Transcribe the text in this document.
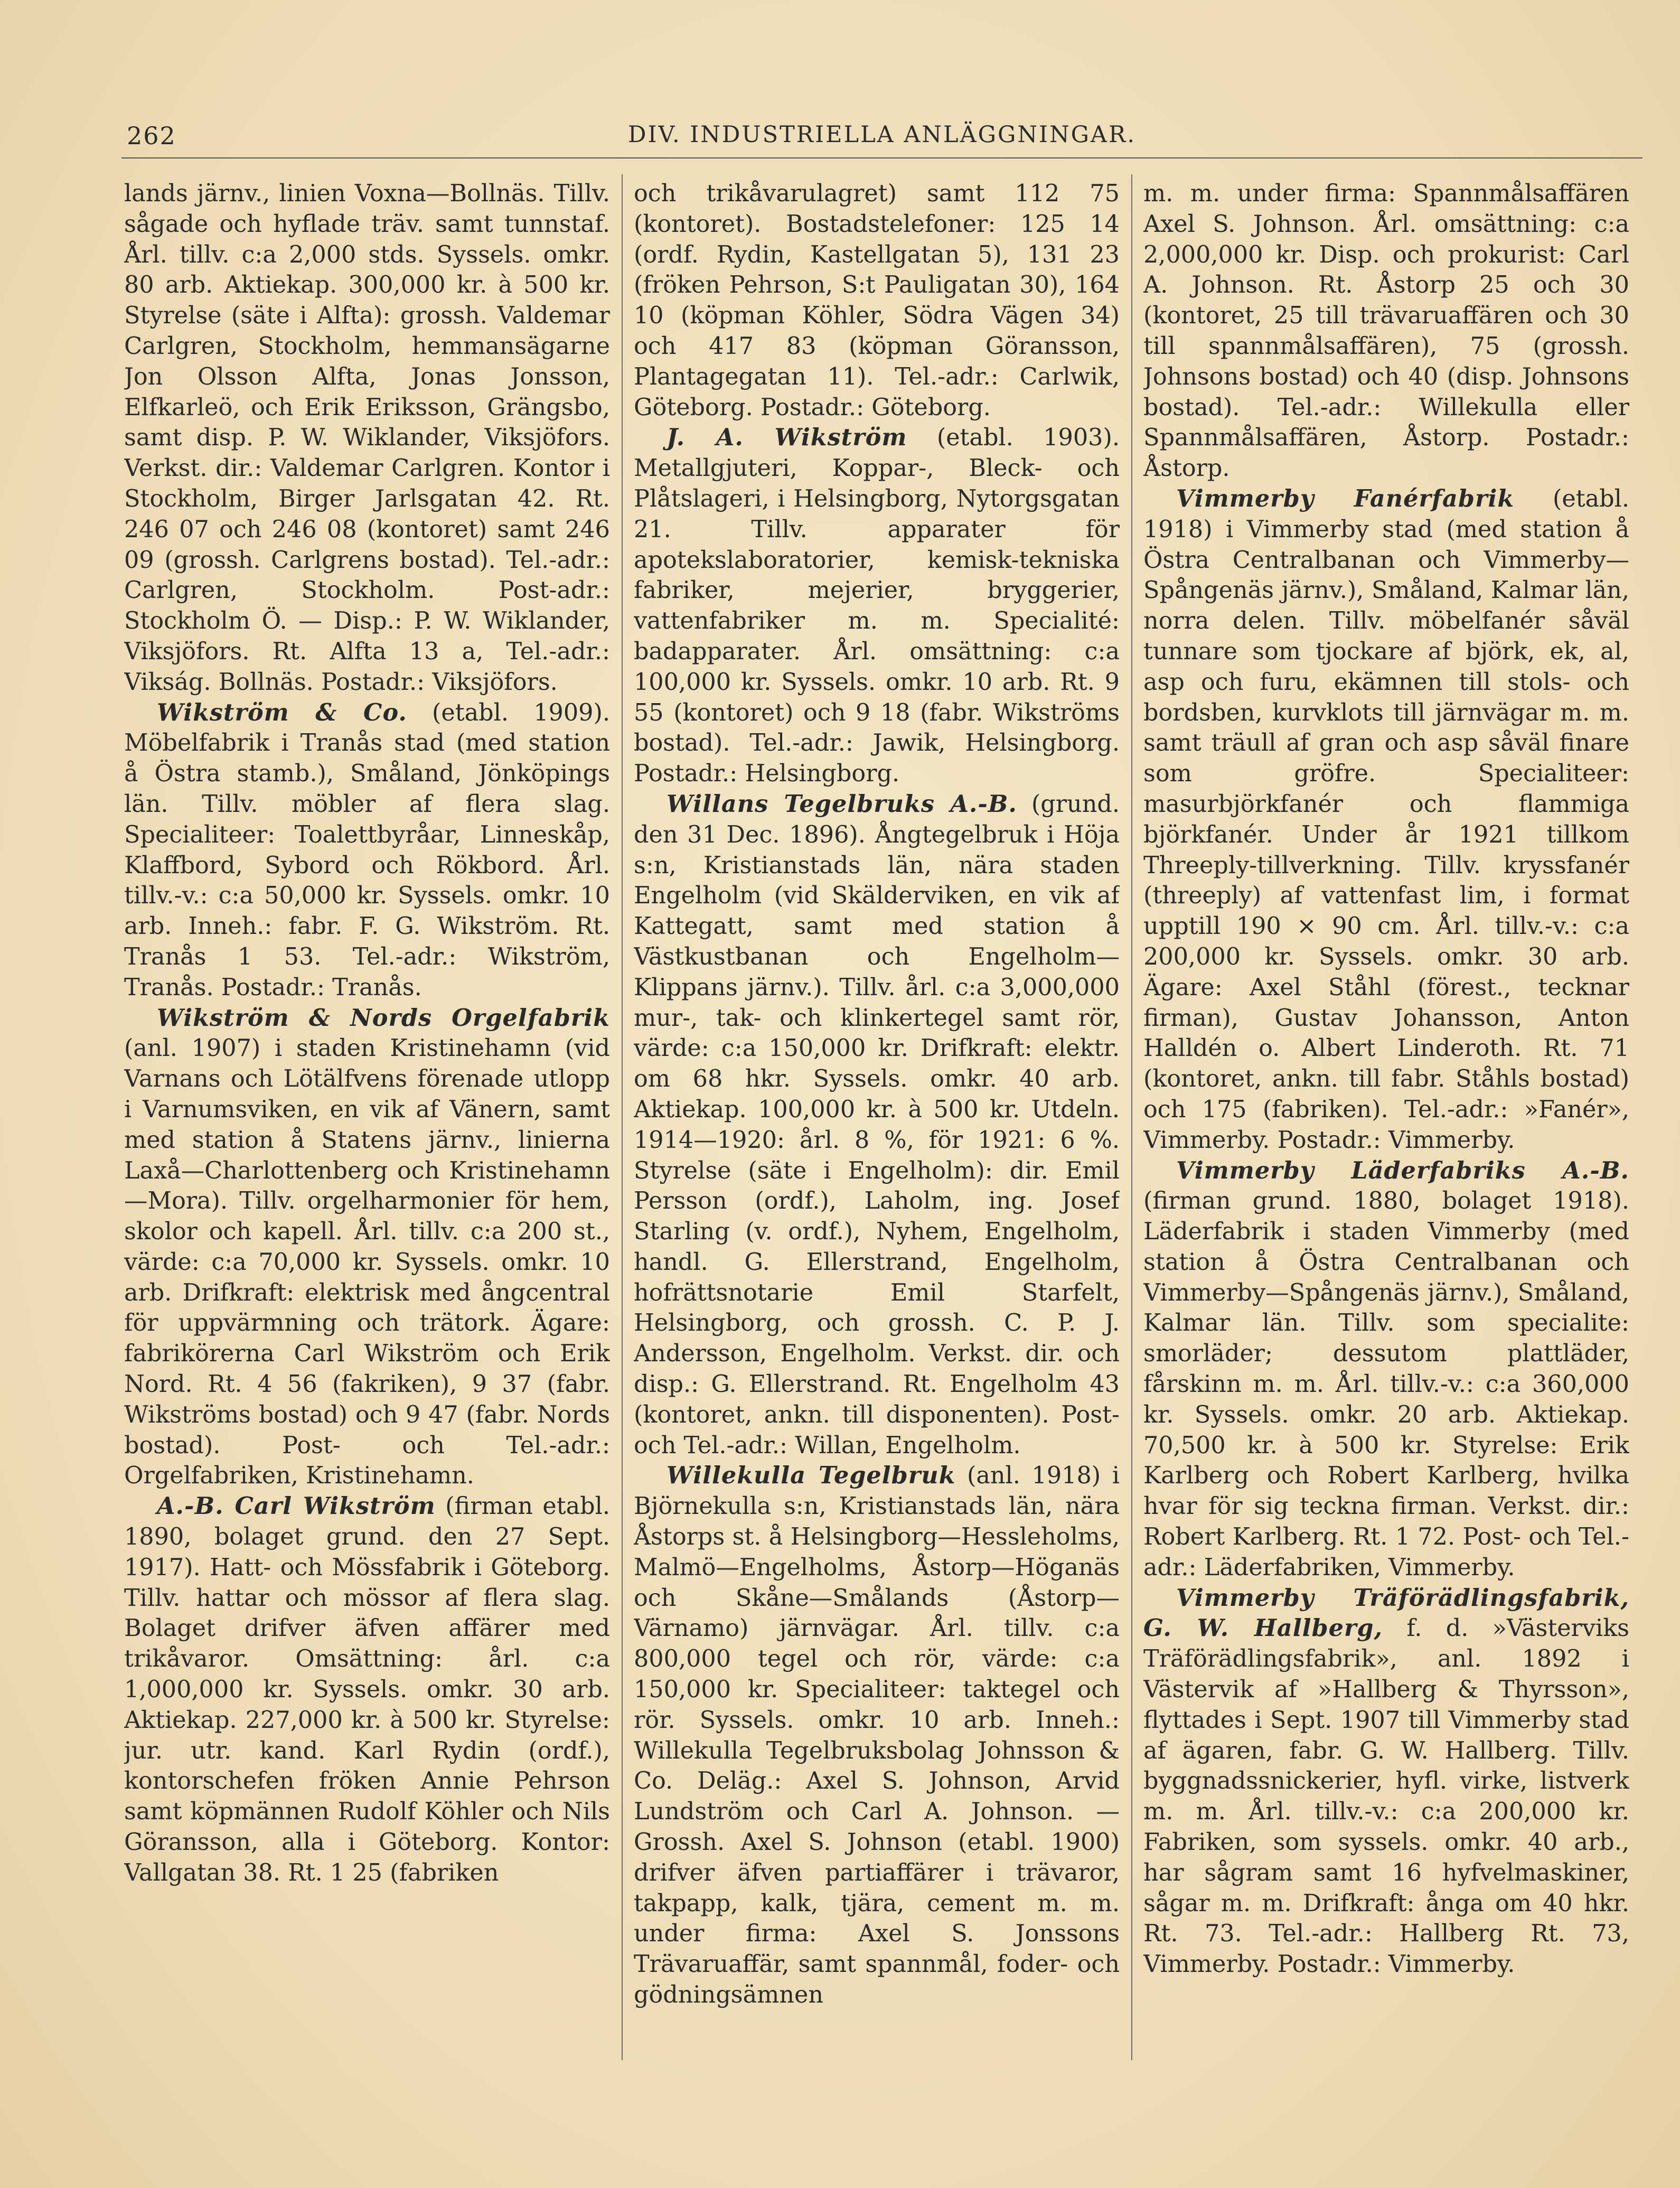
262	DIV. INDUSTRIELLA ANLÄGGNINGAR.

lands järnv., linien Voxna—Bollnäs. Tillv. sågade och hyflade träv. samt tunnstaf. Årl. tillv. c:a 2,000 stds. Syssels. omkr. 80 arb. Aktiekap. 300,000 kr. à 500 kr. Styrelse (säte i Alfta): grossh. Valdemar Carlgren, Stockholm, hemmansägarne Jon Olsson Alfta, Jonas Jonsson, Elfkarleö, och Erik Eriksson, Grängsbo, samt disp. P. W. Wiklander, Viksjöfors. Verkst. dir.: Valdemar Carlgren. Kontor i Stockholm, Birger Jarlsgatan 42. Rt. 246 07 och 246 08 (kontoret) samt 246 09 (grossh. Carlgrens bostad). Tel.-adr.: Carlgren, Stockholm. Post-adr.: Stockholm Ö. — Disp.: P. W. Wiklander, Viksjöfors. Rt. Alfta 13 a, Tel.-adr.: Vikság. Bollnäs. Postadr.: Viksjöfors.

Wikström & Co. (etabl. 1909). Möbelfabrik i Tranås stad (med station å Östra stamb.), Småland, Jönköpings län. Tillv. möbler af flera slag. Specialiteer: Toalettbyråar, Linneskåp, Klaffbord, Sybord och Rökbord. Årl. tillv.-v.: c:a 50,000 kr. Syssels. omkr. 10 arb. Inneh.: fabr. F. G. Wikström. Rt. Tranås 1 53. Tel.-adr.: Wikström, Tranås. Postadr.: Tranås.

Wikström & Nords Orgelfabrik (anl. 1907) i staden Kristinehamn (vid Varnans och Lötälfvens förenade utlopp i Varnumsviken, en vik af Vänern, samt med station å Statens järnv., linierna Laxå—Charlottenberg och Kristinehamn—Mora). Tillv. orgelharmonier för hem, skolor och kapell. Årl. tillv. c:a 200 st., värde: c:a 70,000 kr. Syssels. omkr. 10 arb. Drifkraft: elektrisk med ångcentral för uppvärmning och trätork. Ägare: fabrikörerna Carl Wikström och Erik Nord. Rt. 4 56 (fakriken), 9 37 (fabr. Wikströms bostad) och 9 47 (fabr. Nords bostad). Post- och Tel.-adr.: Orgelfabriken, Kristinehamn.

A.-B. Carl Wikström (firman etabl. 1890, bolaget grund. den 27 Sept. 1917). Hatt- och Mössfabrik i Göteborg. Tillv. hattar och mössor af flera slag. Bolaget drifver äfven affärer med trikåvaror. Omsättning: årl. c:a 1,000,000 kr. Syssels. omkr. 30 arb. Aktiekap. 227,000 kr. à 500 kr. Styrelse: jur. utr. kand. Karl Rydin (ordf.), kontorschefen fröken Annie Pehrson samt köpmännen Rudolf Köhler och Nils Göransson, alla i Göteborg. Kontor: Vallgatan 38. Rt. 1 25 (fabriken

och trikåvarulagret) samt 112 75 (kontoret). Bostadstelefoner: 125 14 (ordf. Rydin, Kastellgatan 5), 131 23 (fröken Pehrson, S:t Pauligatan 30), 164 10 (köpman Köhler, Södra Vägen 34) och 417 83 (köpman Göransson, Plantagegatan 11). Tel.-adr.: Carlwik, Göteborg. Postadr.: Göteborg.

J. A. Wikström (etabl. 1903). Metallgjuteri, Koppar-, Bleck- och Plåtslageri, i Helsingborg, Nytorgsgatan 21. Tillv. apparater för apotekslaboratorier, kemisk-tekniska fabriker, mejerier, bryggerier, vattenfabriker m. m. Specialité: badapparater. Årl. omsättning: c:a 100,000 kr. Syssels. omkr. 10 arb. Rt. 9 55 (kontoret) och 9 18 (fabr. Wikströms bostad). Tel.-adr.: Jawik, Helsingborg. Postadr.: Helsingborg.

Willans Tegelbruks A.-B. (grund. den 31 Dec. 1896). Ångtegelbruk i Höja s:n, Kristianstads län, nära staden Engelholm (vid Skälderviken, en vik af Kattegatt, samt med station å Västkustbanan och Engelholm—Klippans järnv.). Tillv. årl. c:a 3,000,000 mur-, tak- och klinkertegel samt rör, värde: c:a 150,000 kr. Drifkraft: elektr. om 68 hkr. Syssels. omkr. 40 arb. Aktiekap. 100,000 kr. à 500 kr. Utdeln. 1914—1920: årl. 8 %, för 1921: 6 %. Styrelse (säte i Engelholm): dir. Emil Persson (ordf.), Laholm, ing. Josef Starling (v. ordf.), Nyhem, Engelholm, handl. G. Ellerstrand, Engelholm, hofrättsnotarie Emil Starfelt, Helsingborg, och grossh. C. P. J. Andersson, Engelholm. Verkst. dir. och disp.: G. Ellerstrand. Rt. Engelholm 43 (kontoret, ankn. till disponenten). Post- och Tel.-adr.: Willan, Engelholm.

Willekulla Tegelbruk (anl. 1918) i Björnekulla s:n, Kristianstads län, nära Åstorps st. å Helsingborg—Hessleholms, Malmö—Engelholms, Åstorp—Höganäs och Skåne—Smålands (Åstorp—Värnamo) järnvägar. Årl. tillv. c:a 800,000 tegel och rör, värde: c:a 150,000 kr. Specialiteer: taktegel och rör. Syssels. omkr. 10 arb. Inneh.: Willekulla Tegelbruksbolag Johnsson & Co. Deläg.: Axel S. Johnson, Arvid Lundström och Carl A. Johnson. — Grossh. Axel S. Johnson (etabl. 1900) drifver äfven partiaffärer i trävaror, takpapp, kalk, tjära, cement m. m. under firma: Axel S. Jonssons Trävaruaffär, samt spannmål, foder- och gödningsämnen

m. m. under firma: Spannmålsaffären Axel S. Johnson. Årl. omsättning: c:a 2,000,000 kr. Disp. och prokurist: Carl A. Johnson. Rt. Åstorp 25 och 30 (kontoret, 25 till trävaruaffären och 30 till spannmålsaffären), 75 (grossh. Johnsons bostad) och 40 (disp. Johnsons bostad). Tel.-adr.: Willekulla eller Spannmålsaffären, Åstorp. Postadr.: Åstorp.

Vimmerby Fanérfabrik (etabl. 1918) i Vimmerby stad (med station å Östra Centralbanan och Vimmerby—Spångenäs järnv.), Småland, Kalmar län, norra delen. Tillv. möbelfanér såväl tunnare som tjockare af björk, ek, al, asp och furu, ekämnen till stols- och bordsben, kurvklots till järnvägar m. m. samt träull af gran och asp såväl finare som gröfre. Specialiteer: masurbjörkfanér och flammiga björkfanér. Under år 1921 tillkom Threeply-tillverkning. Tillv. kryssfanér (threeply) af vattenfast lim, i format upptill 190 × 90 cm. Årl. tillv.-v.: c:a 200,000 kr. Syssels. omkr. 30 arb. Ägare: Axel Ståhl (förest., tecknar firman), Gustav Johansson, Anton Halldén o. Albert Linderoth. Rt. 71 (kontoret, ankn. till fabr. Ståhls bostad) och 175 (fabriken). Tel.-adr.: »Fanér», Vimmerby. Postadr.: Vimmerby.

Vimmerby Läderfabriks A.-B. (firman grund. 1880, bolaget 1918). Läderfabrik i staden Vimmerby (med station å Östra Centralbanan och Vimmerby—Spångenäs järnv.), Småland, Kalmar län. Tillv. som specialite: smorläder; dessutom plattläder, fårskinn m. m. Årl. tillv.-v.: c:a 360,000 kr. Syssels. omkr. 20 arb. Aktiekap. 70,500 kr. à 500 kr. Styrelse: Erik Karlberg och Robert Karlberg, hvilka hvar för sig teckna firman. Verkst. dir.: Robert Karlberg. Rt. 1 72. Post- och Tel.-adr.: Läderfabriken, Vimmerby.

Vimmerby Träförädlingsfabrik, G. W. Hallberg, f. d. »Västerviks Träförädlingsfabrik», anl. 1892 i Västervik af »Hallberg & Thyrsson», flyttades i Sept. 1907 till Vimmerby stad af ägaren, fabr. G. W. Hallberg. Tillv. byggnadssnickerier, hyfl. virke, listverk m. m. Årl. tillv.-v.: c:a 200,000 kr. Fabriken, som syssels. omkr. 40 arb., har sågram samt 16 hyfvelmaskiner, sågar m. m. Drifkraft: ånga om 40 hkr. Rt. 73. Tel.-adr.: Hallberg Rt. 73, Vimmerby. Postadr.: Vimmerby.
